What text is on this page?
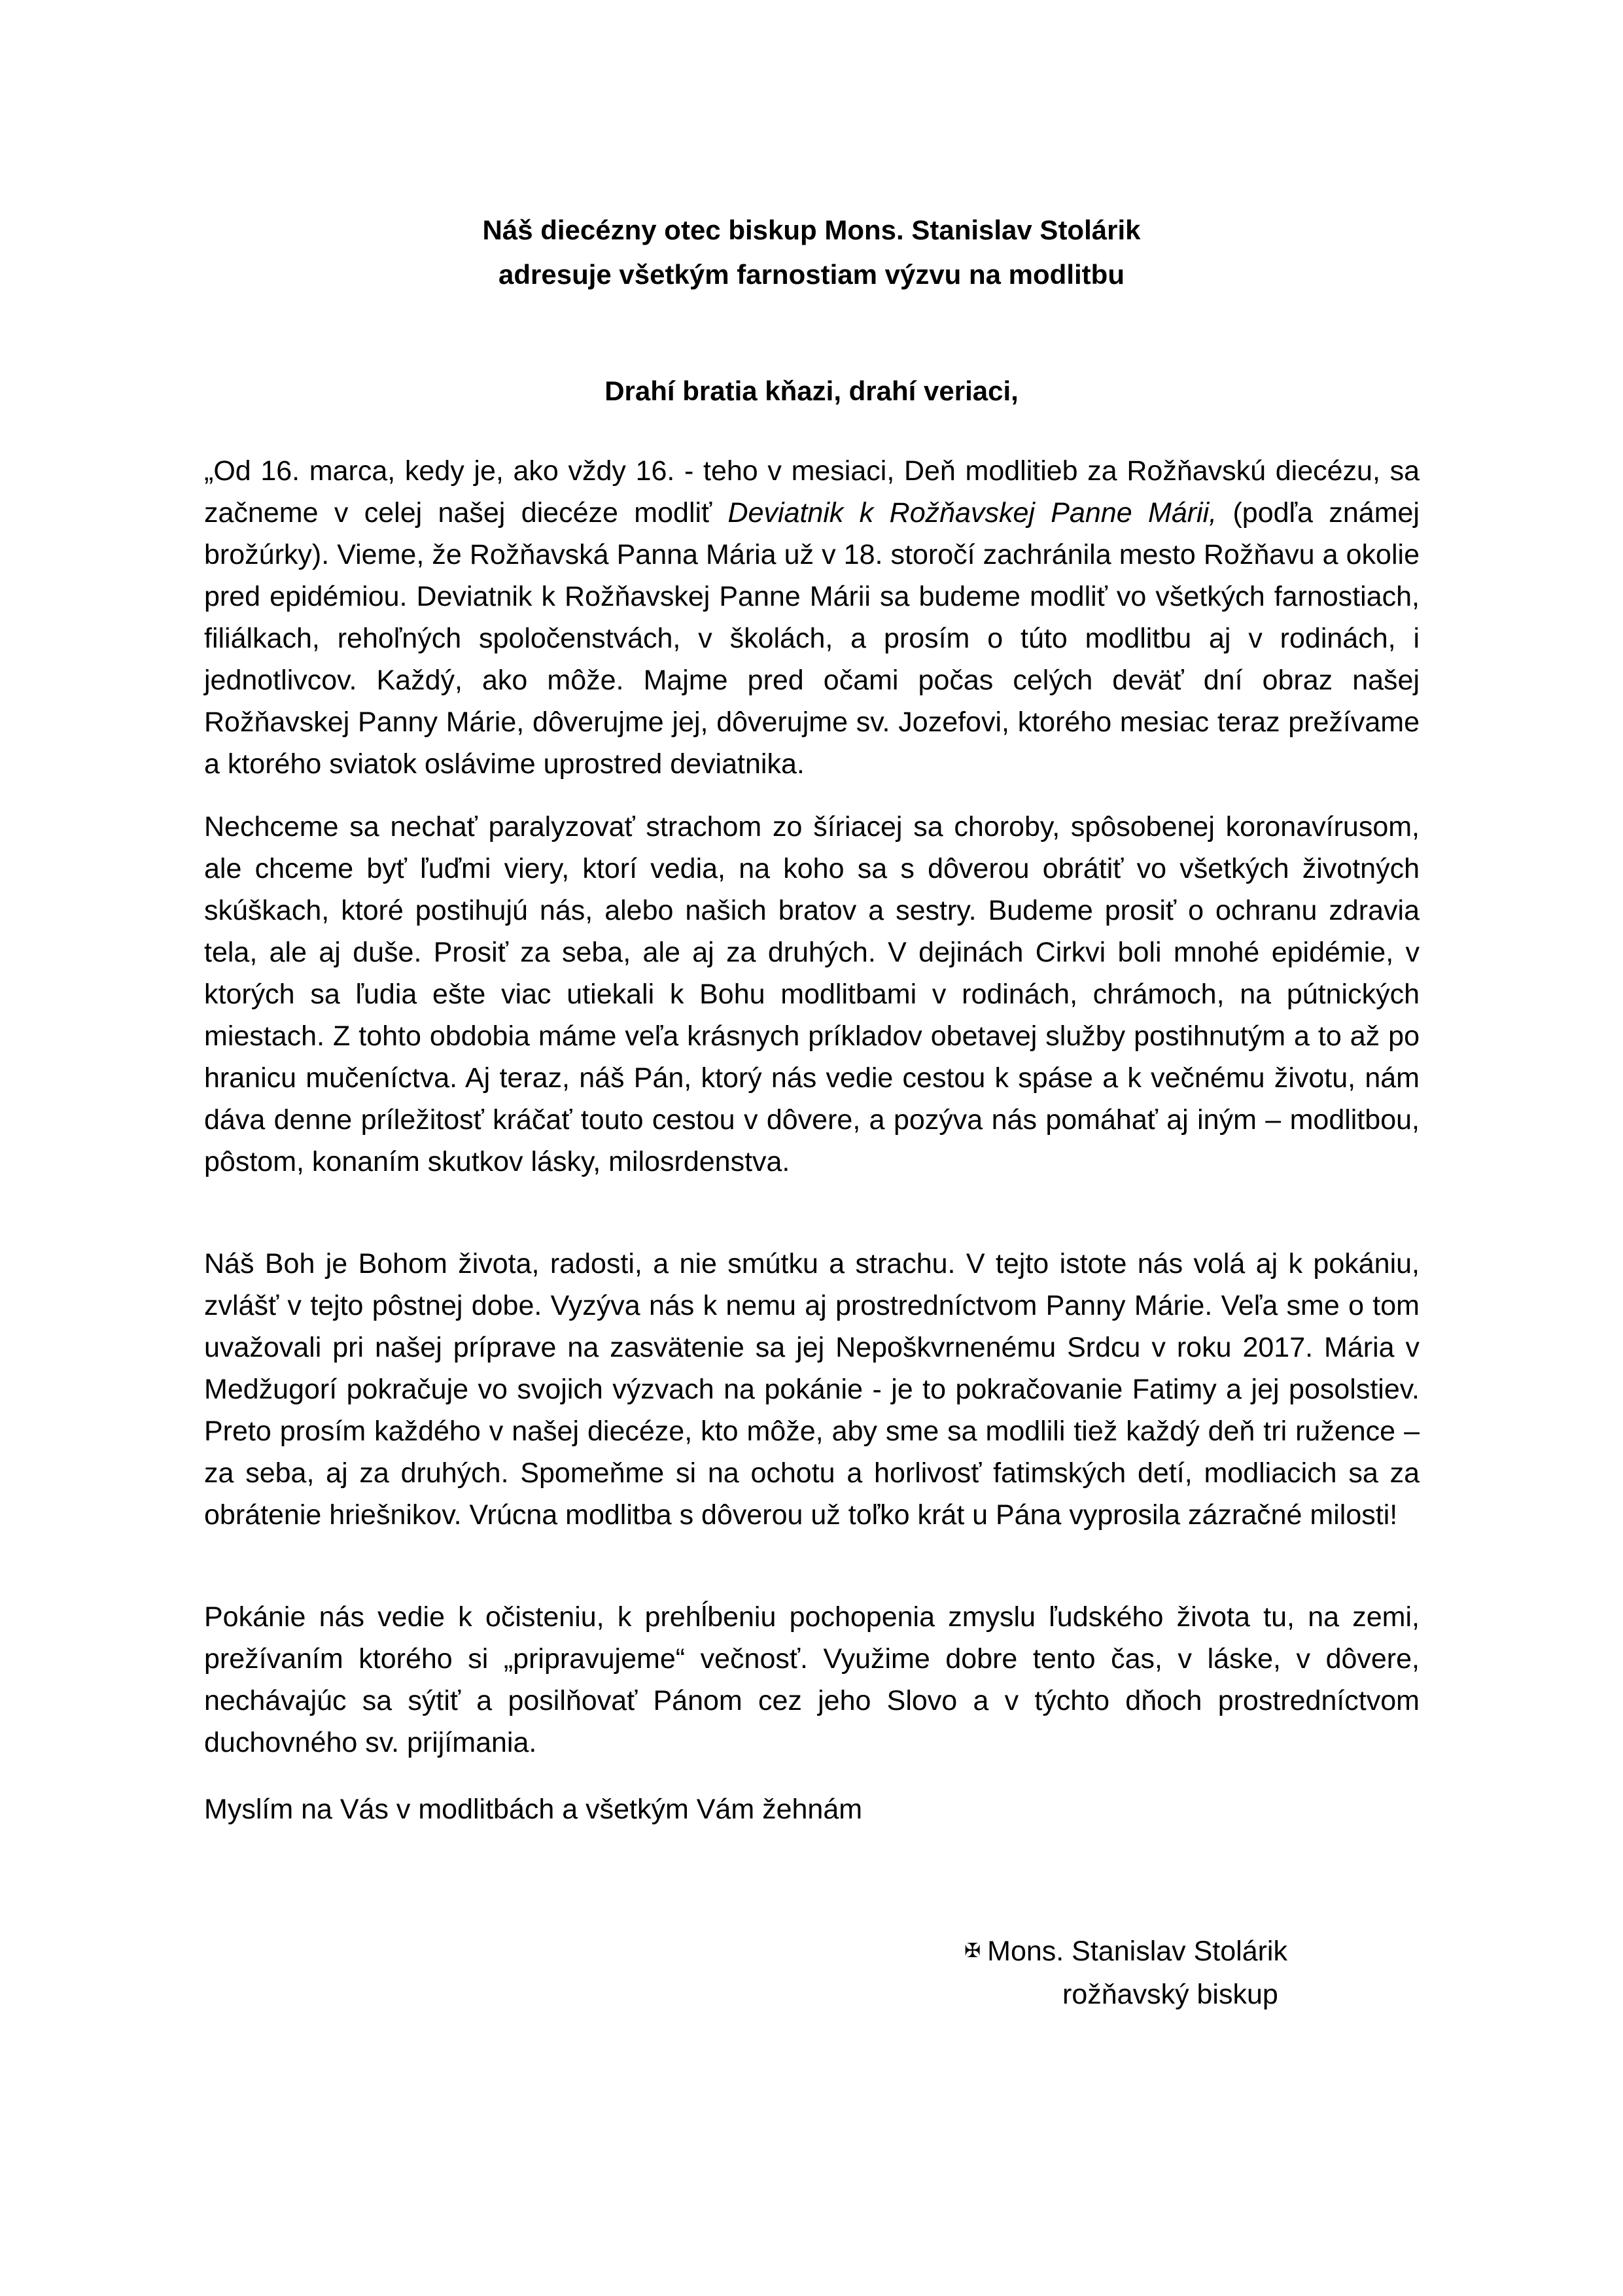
Náš diecézny otec biskup Mons. Stanislav Stolárik
adresuje všetkým farnostiam výzvu na modlitbu
Drahí bratia kňazi, drahí veriaci,

„Od 16. marca, kedy je, ako vždy 16. - teho v mesiaci, Deň modlitieb za Rožňavskú diecézu, sa začneme v celej našej diecéze modliť Deviatnik k Rožňavskej Panne Márii, (podľa známej brožúrky). Vieme, že Rožňavská Panna Mária už v 18. storočí zachránila mesto Rožňavu a okolie pred epidémiou. Deviatnik k Rožňavskej Panne Márii sa budeme modliť vo všetkých farnostiach, filiálkach, rehoľných spoločenstvách, v školách, a prosím o túto modlitbu aj v rodinách, i jednotlivcov. Každý, ako môže. Majme pred očami počas celých deväť dní obraz našej Rožňavskej Panny Márie, dôverujme jej, dôverujme sv. Jozefovi, ktorého mesiac teraz prežívame a ktorého sviatok oslávime uprostred deviatnika.

Nechceme sa nechať paralyzovať strachom zo šíriacej sa choroby, spôsobenej koronavírusom, ale chceme byť ľuďmi viery, ktorí vedia, na koho sa s dôverou obrátiť vo všetkých životných skúškach, ktoré postihujú nás, alebo našich bratov a sestry. Budeme prosiť o ochranu zdravia tela, ale aj duše. Prosiť za seba, ale aj za druhých. V dejinách Cirkvi boli mnohé epidémie, v ktorých sa ľudia ešte viac utiekali k Bohu modlitbami v rodinách, chrámoch, na pútnických miestach. Z tohto obdobia máme veľa krásnych príkladov obetavej služby postihnutým a to až po hranicu mučeníctva. Aj teraz, náš Pán, ktorý nás vedie cestou k spáse a k večnému životu, nám dáva denne príležitosť kráčať touto cestou v dôvere, a pozýva nás pomáhať aj iným – modlitbou, pôstom, konaním skutkov lásky, milosrdenstva.

Náš Boh je Bohom života, radosti, a nie smútku a strachu. V tejto istote nás volá aj k pokániu, zvlášť v tejto pôstnej dobe. Vyzýva nás k nemu aj prostredníctvom Panny Márie. Veľa sme o tom uvažovali pri našej príprave na zasvätenie sa jej Nepoškvrnenému Srdcu v roku 2017. Mária v Medžugorí pokračuje vo svojich výzvach na pokánie - je to pokračovanie Fatimy a jej posolstiev. Preto prosím každého v našej diecéze, kto môže, aby sme sa modlili tiež každý deň tri ružence – za seba, aj za druhých. Spomeňme si na ochotu a horlivosť fatimských detí, modliacich sa za obrátenie hriešnikov. Vrúcna modlitba s dôverou už toľko krát u Pána vyprosila zázračné milosti!

Pokánie nás vedie k očisteniu, k prehĺbeniu pochopenia zmyslu ľudského života tu, na zemi, prežívaním ktorého si „pripravujeme“ večnosť. Využime dobre tento čas, v láske, v dôvere, nechávajúc sa sýtiť a posilňovať Pánom cez jeho Slovo a v týchto dňoch prostredníctvom duchovného sv. prijímania.

Myslím na Vás v modlitbách a všetkým Vám žehnám

✠ Mons. Stanislav Stolárik
rožňavský biskup
